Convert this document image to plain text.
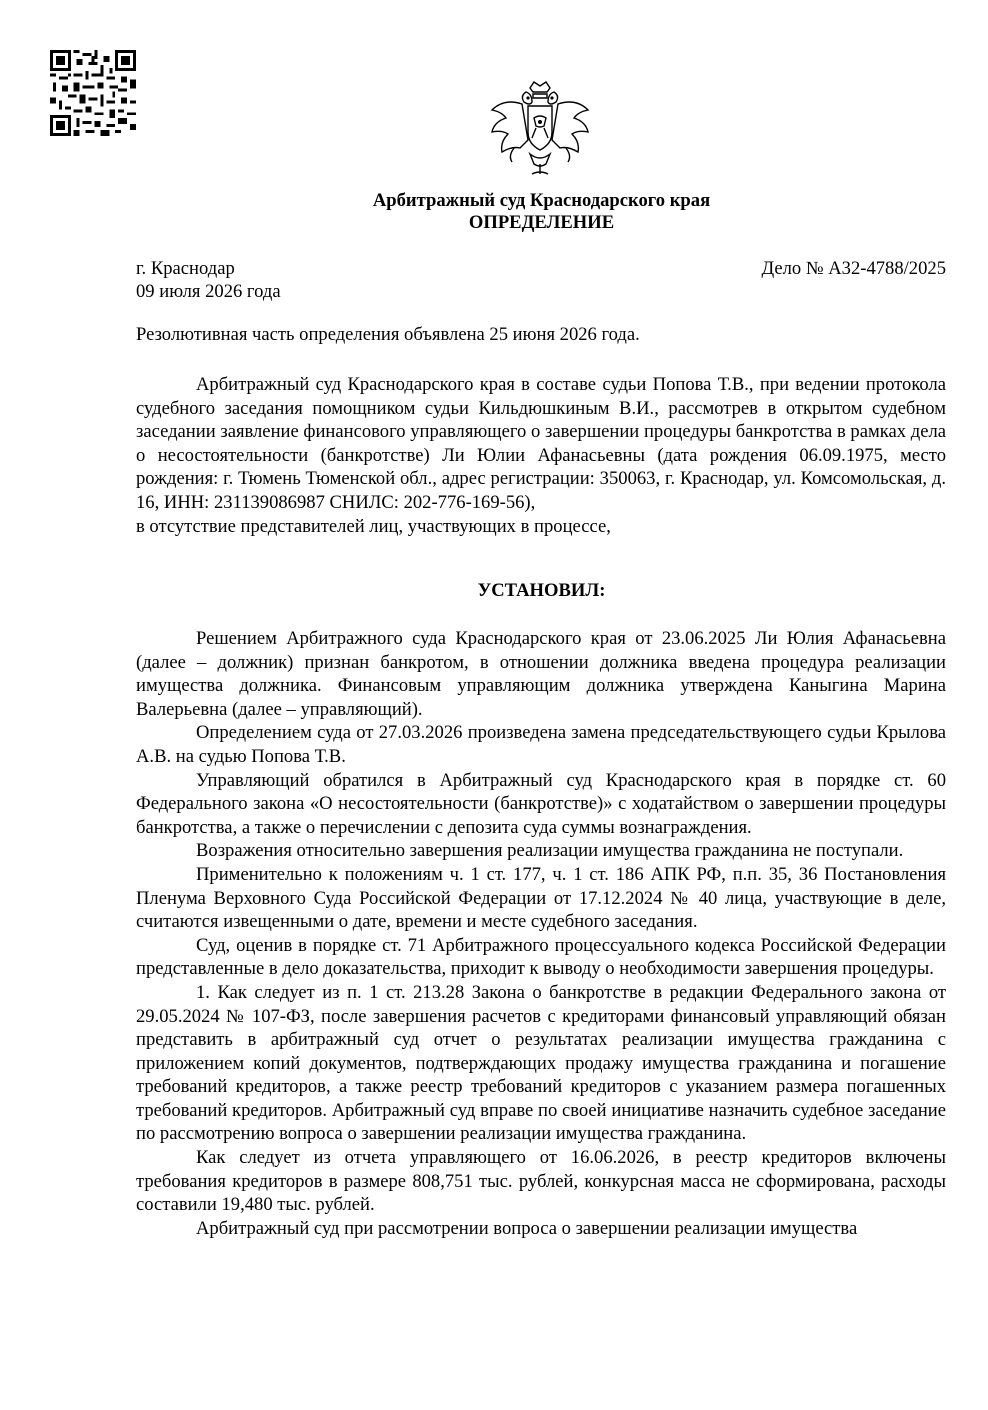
Арбитражный суд Краснодарского края
ОПРЕДЕЛЕНИЕ
г. Краснодар
09 июля 2026 года
Дело № А32-4788/2025

Резолютивная часть определения объявлена 25 июня 2026 года.

Арбитражный суд Краснодарского края в составе судьи Попова Т.В., при ведении протокола судебного заседания помощником судьи Кильдюшкиным В.И., рассмотрев в открытом судебном заседании заявление финансового управляющего о завершении процедуры банкротства в рамках дела о несостоятельности (банкротстве) Ли Юлии Афанасьевны (дата рождения 06.09.1975, место рождения: г. Тюмень Тюменской обл., адрес регистрации: 350063, г. Краснодар, ул. Комсомольская, д. 16, ИНН: 231139086987 СНИЛС: 202-776-169-56),

в отсутствие представителей лиц, участвующих в процессе,

УСТАНОВИЛ:

Решением Арбитражного суда Краснодарского края от 23.06.2025 Ли Юлия Афанасьевна (далее – должник) признан банкротом, в отношении должника введена процедура реализации имущества должника. Финансовым управляющим должника утверждена Каныгина Марина Валерьевна (далее – управляющий).

Определением суда от 27.03.2026 произведена замена председательствующего судьи Крылова А.В. на судью Попова Т.В.

Управляющий обратился в Арбитражный суд Краснодарского края в порядке ст. 60 Федерального закона «О несостоятельности (банкротстве)» с ходатайством о завершении процедуры банкротства, а также о перечислении с депозита суда суммы вознаграждения.

Возражения относительно завершения реализации имущества гражданина не поступали.

Применительно к положениям ч. 1 ст. 177, ч. 1 ст. 186 АПК РФ, п.п. 35, 36 Постановления Пленума Верховного Суда Российской Федерации от 17.12.2024 № 40 лица, участвующие в деле, считаются извещенными о дате, времени и месте судебного заседания.

Суд, оценив в порядке ст. 71 Арбитражного процессуального кодекса Российской Федерации представленные в дело доказательства, приходит к выводу о необходимости завершения процедуры.

1. Как следует из п. 1 ст. 213.28 Закона о банкротстве в редакции Федерального закона от 29.05.2024 № 107-ФЗ, после завершения расчетов с кредиторами финансовый управляющий обязан представить в арбитражный суд отчет о результатах реализации имущества гражданина с приложением копий документов, подтверждающих продажу имущества гражданина и погашение требований кредиторов, а также реестр требований кредиторов с указанием размера погашенных требований кредиторов. Арбитражный суд вправе по своей инициативе назначить судебное заседание по рассмотрению вопроса о завершении реализации имущества гражданина.

Как следует из отчета управляющего от 16.06.2026, в реестр кредиторов включены требования кредиторов в размере 808,751 тыс. рублей, конкурсная масса не сформирована, расходы составили 19,480 тыс. рублей.

Арбитражный суд при рассмотрении вопроса о завершении реализации имущества
